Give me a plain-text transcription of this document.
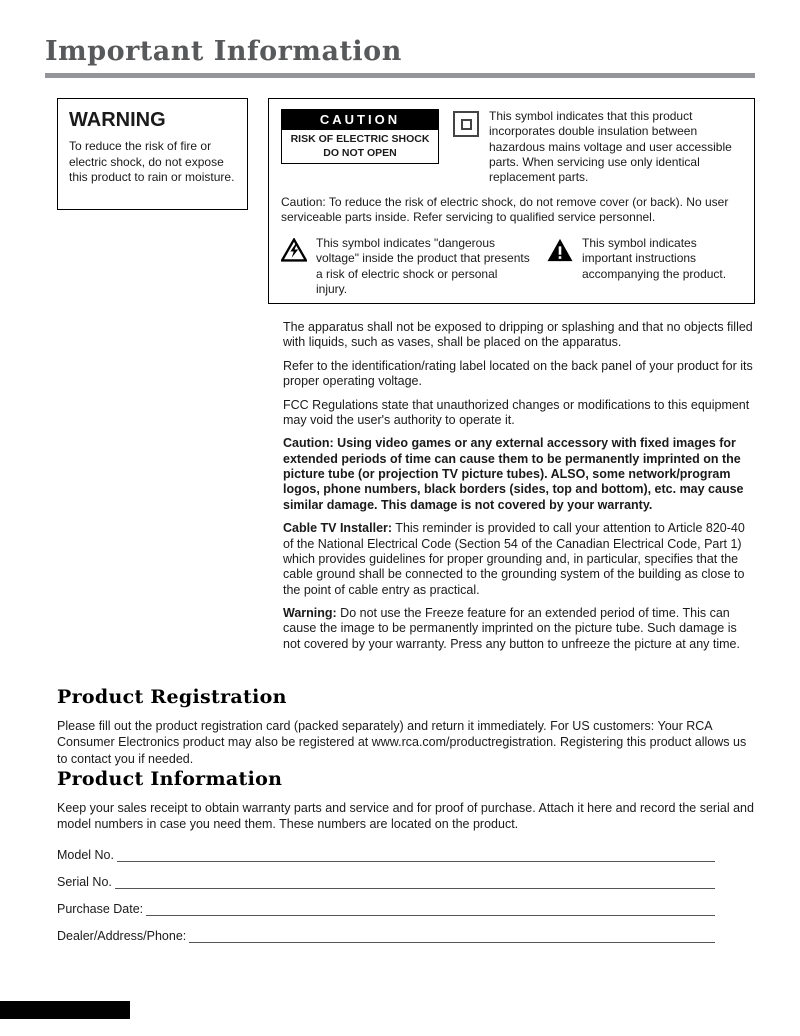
Important Information
WARNING
To reduce the risk of fire or electric shock, do not expose this product to rain or moisture.
CAUTION
RISK OF ELECTRIC SHOCK
DO NOT OPEN
This symbol indicates that this product incorporates double insulation between hazardous mains voltage and user accessible parts. When servicing use only identical replacement parts.
Caution: To reduce the risk of electric shock, do not remove cover (or back). No user serviceable parts inside. Refer servicing to qualified service personnel.
This symbol indicates "dangerous voltage" inside the product that presents a risk of electric shock or personal injury.
This symbol indicates important instructions accompanying the product.

The apparatus shall not be exposed to dripping or splashing and that no objects filled with liquids, such as vases, shall be placed on the apparatus.

Refer to the identification/rating label located on the back panel of your product for its proper operating voltage.

FCC Regulations state that unauthorized changes or modifications to this equipment may void the user's authority to operate it.

Caution: Using video games or any external accessory with fixed images for extended periods of time can cause them to be permanently imprinted on the picture tube (or projection TV picture tubes). ALSO, some network/program logos, phone numbers, black borders (sides, top and bottom), etc. may cause similar damage. This damage is not covered by your warranty.

Cable TV Installer: This reminder is provided to call your attention to Article 820-40 of the National Electrical Code (Section 54 of the Canadian Electrical Code, Part 1) which provides guidelines for proper grounding and, in particular, specifies that the cable ground shall be connected to the grounding system of the building as close to the point of cable entry as practical.

Warning: Do not use the Freeze feature for an extended period of time. This can cause the image to be permanently imprinted on the picture tube. Such damage is not covered by your warranty. Press any button to unfreeze the picture at any time.

Product Registration

Please fill out the product registration card (packed separately) and return it immediately. For US customers: Your RCA Consumer Electronics product may also be registered at www.rca.com/productregistration. Registering this product allows us to contact you if needed.

Product Information

Keep your sales receipt to obtain warranty parts and service and for proof of purchase. Attach it here and record the serial and model numbers in case you need them. These numbers are located on the product.

Model No.
Serial No.
Purchase Date:
Dealer/Address/Phone:
